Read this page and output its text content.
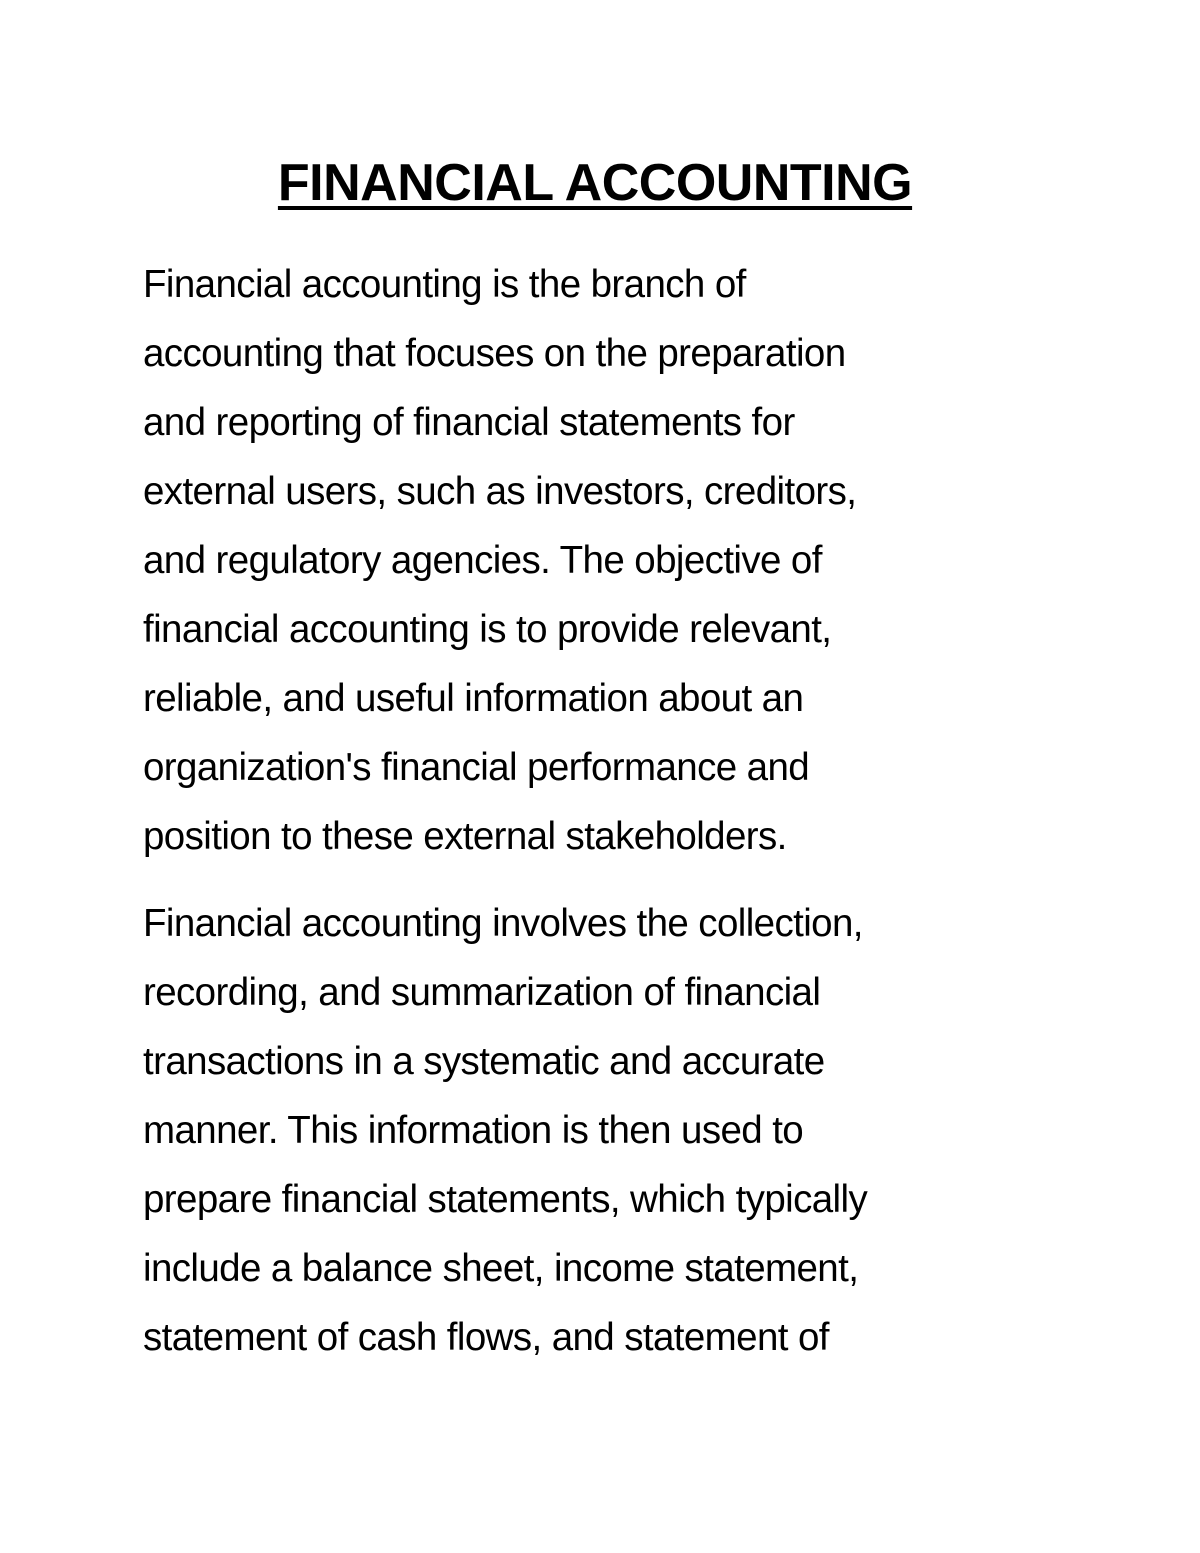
FINANCIAL ACCOUNTING
Financial accounting is the branch of
accounting that focuses on the preparation
and reporting of financial statements for
external users, such as investors, creditors,
and regulatory agencies. The objective of
financial accounting is to provide relevant,
reliable, and useful information about an
organization's financial performance and
position to these external stakeholders.
Financial accounting involves the collection,
recording, and summarization of financial
transactions in a systematic and accurate
manner. This information is then used to
prepare financial statements, which typically
include a balance sheet, income statement,
statement of cash flows, and statement of
